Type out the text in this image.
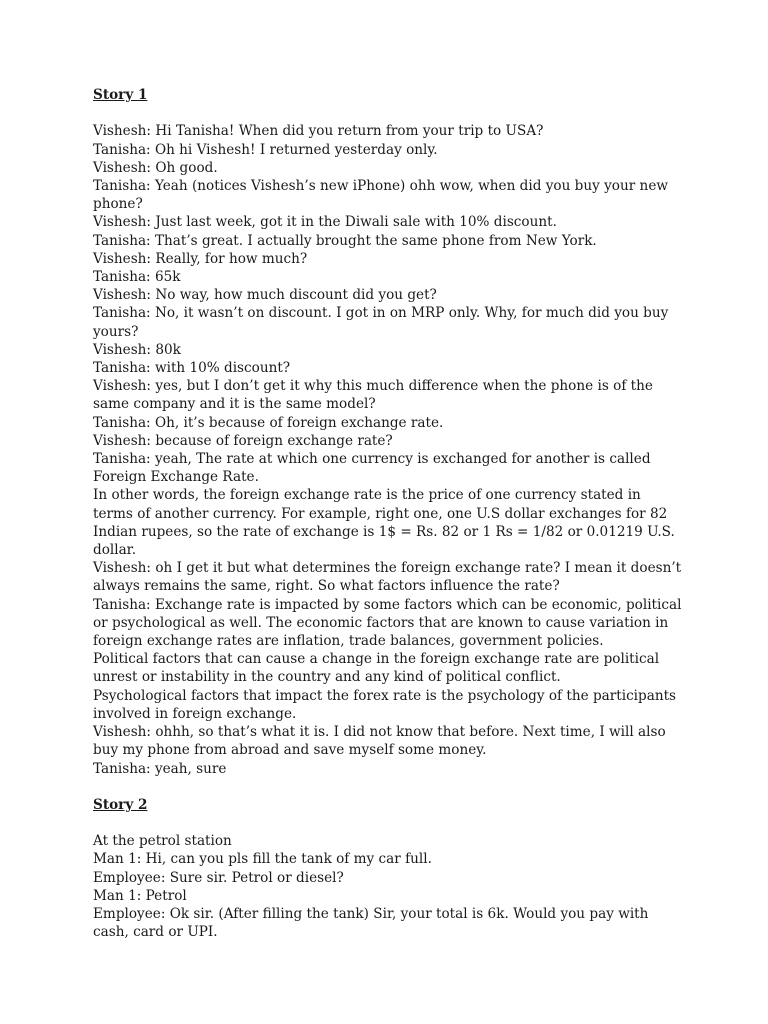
Story 1

Vishesh: Hi Tanisha! When did you return from your trip to USA?

Tanisha: Oh hi Vishesh! I returned yesterday only.

Vishesh: Oh good.

Tanisha: Yeah (notices Vishesh’s new iPhone) ohh wow, when did you buy your new phone?

Vishesh: Just last week, got it in the Diwali sale with 10% discount.

Tanisha: That’s great. I actually brought the same phone from New York.

Vishesh: Really, for how much?

Tanisha: 65k

Vishesh: No way, how much discount did you get?

Tanisha: No, it wasn’t on discount. I got in on MRP only. Why, for much did you buy yours?

Vishesh: 80k

Tanisha: with 10% discount?

Vishesh: yes, but I don’t get it why this much difference when the phone is of the same company and it is the same model?

Tanisha: Oh, it’s because of foreign exchange rate.

Vishesh: because of foreign exchange rate?

Tanisha: yeah, The rate at which one currency is exchanged for another is called Foreign Exchange Rate.

In other words, the foreign exchange rate is the price of one currency stated in terms of another currency. For example, right one, one U.S dollar exchanges for 82 Indian rupees, so the rate of exchange is 1$ = Rs. 82 or 1 Rs = 1/82 or 0.01219 U.S. dollar.

Vishesh: oh I get it but what determines the foreign exchange rate? I mean it doesn’t always remains the same, right. So what factors influence the rate?

Tanisha: Exchange rate is impacted by some factors which can be economic, political or psychological as well. The economic factors that are known to cause variation in foreign exchange rates are inflation, trade balances, government policies.

Political factors that can cause a change in the foreign exchange rate are political unrest or instability in the country and any kind of political conflict.

Psychological factors that impact the forex rate is the psychology of the participants involved in foreign exchange.

Vishesh: ohhh, so that’s what it is. I did not know that before. Next time, I will also buy my phone from abroad and save myself some money.

Tanisha: yeah, sure

Story 2

At the petrol station

Man 1: Hi, can you pls fill the tank of my car full.

Employee: Sure sir. Petrol or diesel?

Man 1: Petrol

Employee: Ok sir. (After filling the tank) Sir, your total is 6k. Would you pay with cash, card or UPI.
